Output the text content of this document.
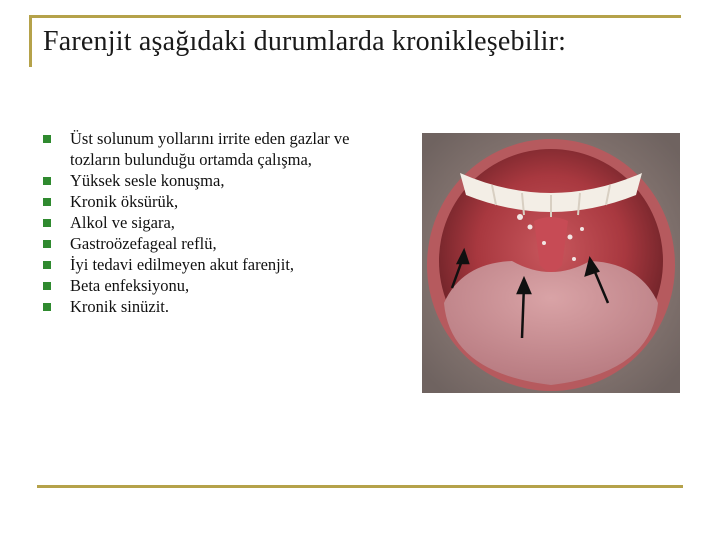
Farenjit aşağıdaki durumlarda kronikleşebilir:
Üst solunum yollarını irrite eden gazlar ve tozların bulunduğu ortamda çalışma,
Yüksek sesle konuşma,
Kronik öksürük,
Alkol ve sigara,
Gastroözefageal reflü,
İyi tedavi edilmeyen akut farenjit,
Beta enfeksiyonu,
Kronik sinüzit.
